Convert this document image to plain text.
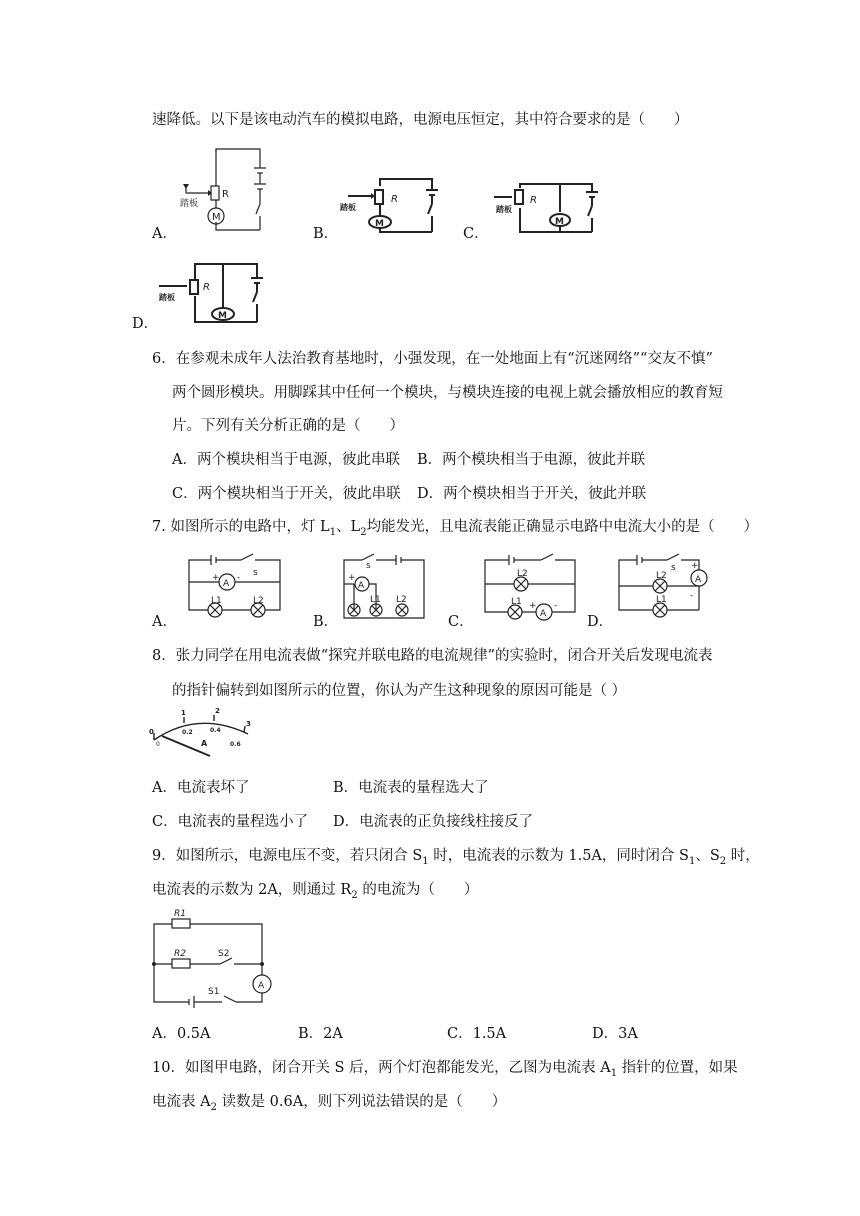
速降低。以下是该电动汽车的模拟电路，电源电压恒定，其中符合要求的是（　　）
A．
R
M
踏板
B．
R
M
踏板
C．
R
M
踏板
D．
R
M
踏板
6．在参观未成年人法治教育基地时，小强发现，在一处地面上有“沉迷网络”“交友不慎”
两个圆形模块。用脚踩其中任何一个模块，与模块连接的电视上就会播放相应的教育短
片。下列有关分析正确的是（　　）
A．两个模块相当于电源，彼此串联 B．两个模块相当于电源，彼此并联
C．两个模块相当于开关，彼此串联 D．两个模块相当于开关，彼此并联
7. 如图所示的电路中，灯 $L_1$、$L_2$均能发光，且电流表能正确显示电路中电流大小的是（　　）
A．
A
+ - s
L1	L2
B．
A
+
s
L1 L2
C．
L2
L1
A
+ -
D．
A
s +
-
L2
L1
8．张力同学在用电流表做“探究并联电路的电流规律”的实验时，闭合开关后发现电流表
的指针偏转到如图所示的位置，你认为产生这种现象的原因可能是（ ）
0
1	2
3
0
0.2	0.4
0.6
A
A．电流表坏了	B．电流表的量程选大了
C．电流表的量程选小了 D．电流表的正负接线柱接反了
9．如图所示，电源电压不变，若只闭合 $S_1$ 时，电流表的示数为 1.5A，同时闭合 $S_1$、$S_2$ 时，
电流表的示数为 2A，则通过 $R_2$ 的电流为（　　）
R1
R2	S2
S1
A
A．0.5A	B．2A	C．1.5A	D．3A
10．如图甲电路，闭合开关 S 后，两个灯泡都能发光，乙图为电流表 $A_1$ 指针的位置，如果
电流表 $A_2$ 读数是 0.6A，则下列说法错误的是（　　）
